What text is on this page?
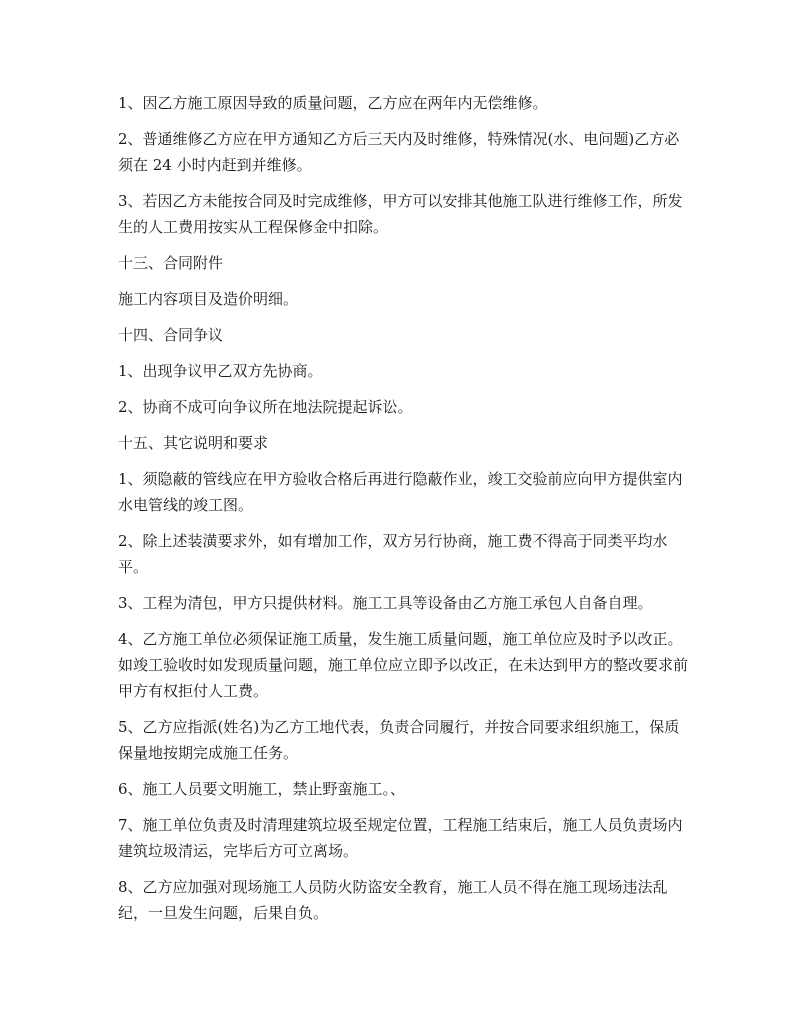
1、因乙方施工原因导致的质量问题，乙方应在两年内无偿维修。

2、普通维修乙方应在甲方通知乙方后三天内及时维修，特殊情况(水、电问题)乙方必须在 24 小时内赶到并维修。

3、若因乙方未能按合同及时完成维修，甲方可以安排其他施工队进行维修工作，所发生的人工费用按实从工程保修金中扣除。

十三、合同附件

施工内容项目及造价明细。

十四、合同争议

1、出现争议甲乙双方先协商。

2、协商不成可向争议所在地法院提起诉讼。

十五、其它说明和要求

1、须隐蔽的管线应在甲方验收合格后再进行隐蔽作业，竣工交验前应向甲方提供室内水电管线的竣工图。

2、除上述装潢要求外，如有增加工作，双方另行协商，施工费不得高于同类平均水平。

3、工程为清包，甲方只提供材料。施工工具等设备由乙方施工承包人自备自理。

4、乙方施工单位必须保证施工质量，发生施工质量问题，施工单位应及时予以改正。如竣工验收时如发现质量问题，施工单位应立即予以改正，在未达到甲方的整改要求前甲方有权拒付人工费。

5、乙方应指派(姓名)为乙方工地代表，负责合同履行，并按合同要求组织施工，保质保量地按期完成施工任务。

6、施工人员要文明施工，禁止野蛮施工。、

7、施工单位负责及时清理建筑垃圾至规定位置，工程施工结束后，施工人员负责场内建筑垃圾清运，完毕后方可立离场。

8、乙方应加强对现场施工人员防火防盗安全教育，施工人员不得在施工现场违法乱纪，一旦发生问题，后果自负。
